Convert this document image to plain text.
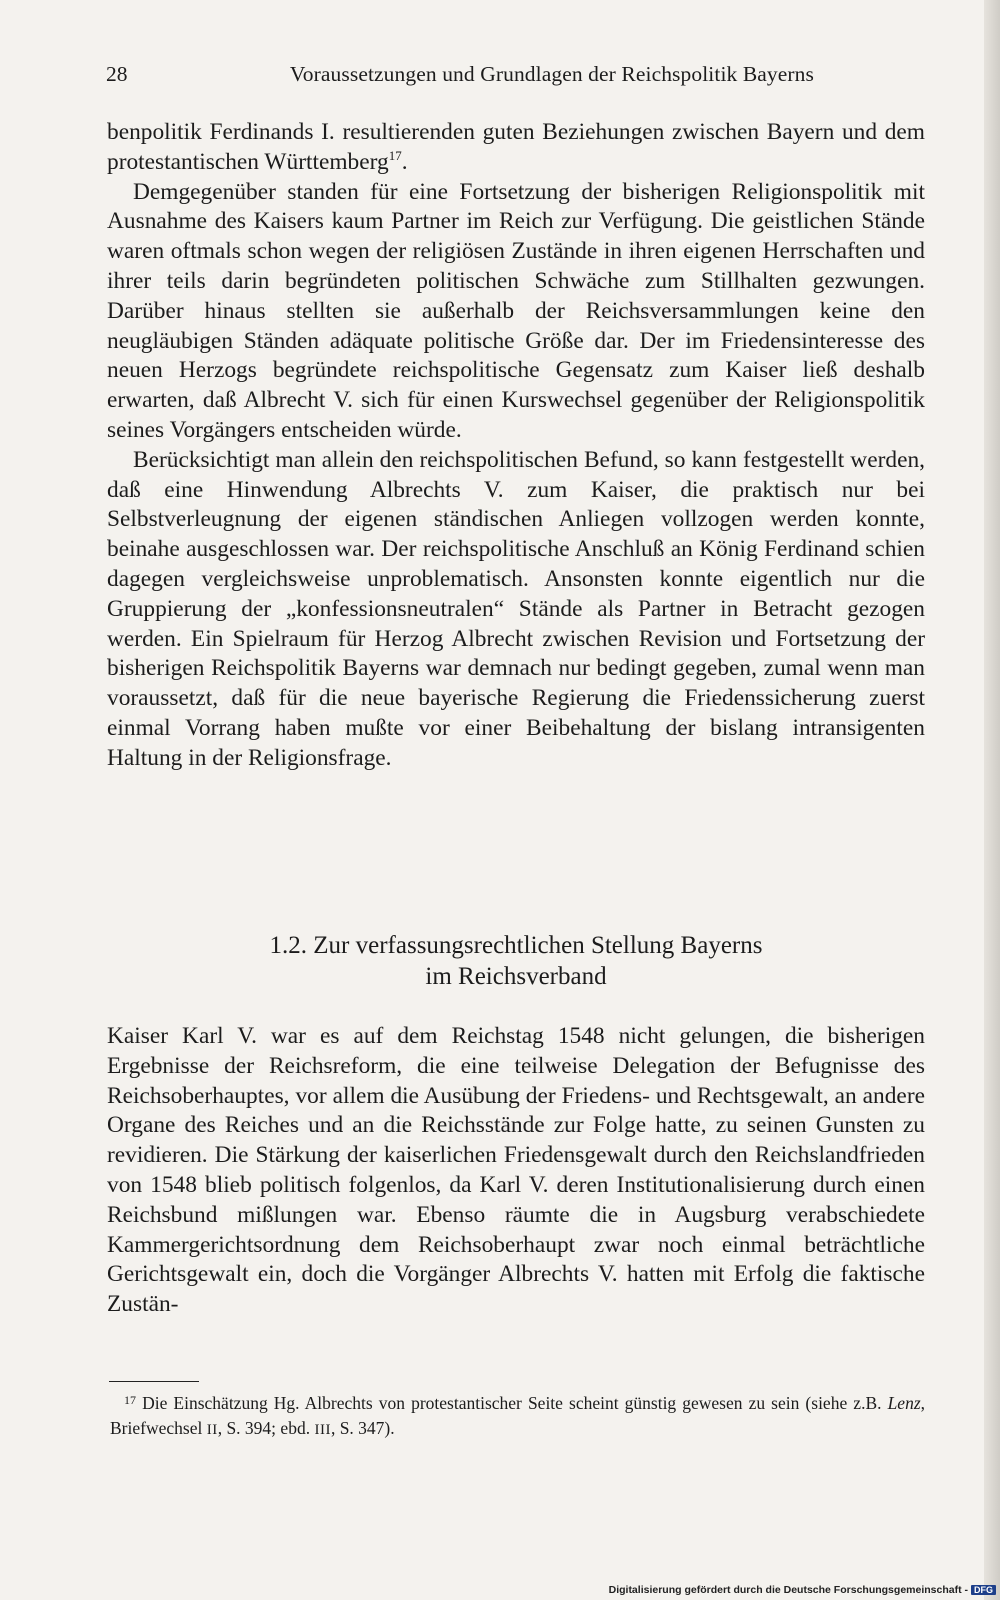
28	Voraussetzungen und Grundlagen der Reichspolitik Bayerns

benpolitik Ferdinands I. resultierenden guten Beziehungen zwischen Bayern und dem protestantischen Württemberg$^{17}$.

Demgegenüber standen für eine Fortsetzung der bisherigen Religionspolitik mit Ausnahme des Kaisers kaum Partner im Reich zur Verfügung. Die geistlichen Stände waren oftmals schon wegen der religiösen Zustände in ihren eigenen Herrschaften und ihrer teils darin begründeten politischen Schwäche zum Stillhalten gezwungen. Darüber hinaus stellten sie außerhalb der Reichsversammlungen keine den neugläubigen Ständen adäquate politische Größe dar. Der im Friedensinteresse des neuen Herzogs begründete reichspolitische Gegensatz zum Kaiser ließ deshalb erwarten, daß Albrecht V. sich für einen Kurswechsel gegenüber der Religionspolitik seines Vorgängers entscheiden würde.

Berücksichtigt man allein den reichspolitischen Befund, so kann festgestellt werden, daß eine Hinwendung Albrechts V. zum Kaiser, die praktisch nur bei Selbstverleugnung der eigenen ständischen Anliegen vollzogen werden konnte, beinahe ausgeschlossen war. Der reichspolitische Anschluß an König Ferdinand schien dagegen vergleichsweise unproblematisch. Ansonsten konnte eigentlich nur die Gruppierung der „konfessionsneutralen“ Stände als Partner in Betracht gezogen werden. Ein Spielraum für Herzog Albrecht zwischen Revision und Fortsetzung der bisherigen Reichspolitik Bayerns war demnach nur bedingt gegeben, zumal wenn man voraussetzt, daß für die neue bayerische Regierung die Friedenssicherung zuerst einmal Vorrang haben mußte vor einer Beibehaltung der bislang intransigenten Haltung in der Religionsfrage.

1.2. Zur verfassungsrechtlichen Stellung Bayerns
im Reichsverband

Kaiser Karl V. war es auf dem Reichstag 1548 nicht gelungen, die bisherigen Ergebnisse der Reichsreform, die eine teilweise Delegation der Befugnisse des Reichsoberhauptes, vor allem die Ausübung der Friedens- und Rechtsgewalt, an andere Organe des Reiches und an die Reichsstände zur Folge hatte, zu seinen Gunsten zu revidieren. Die Stärkung der kaiserlichen Friedensgewalt durch den Reichslandfrieden von 1548 blieb politisch folgenlos, da Karl V. deren Institutionalisierung durch einen Reichsbund mißlungen war. Ebenso räumte die in Augsburg verabschiedete Kammergerichtsordnung dem Reichsoberhaupt zwar noch einmal beträchtliche Gerichtsgewalt ein, doch die Vorgänger Albrechts V. hatten mit Erfolg die faktische Zustän-

$^{17}$ Die Einschätzung Hg. Albrechts von protestantischer Seite scheint günstig gewesen zu sein (siehe z.B. Lenz, Briefwechsel II, S. 394; ebd. III, S. 347).
Digitalisierung gefördert durch die Deutsche Forschungsgemeinschaft - DFG
